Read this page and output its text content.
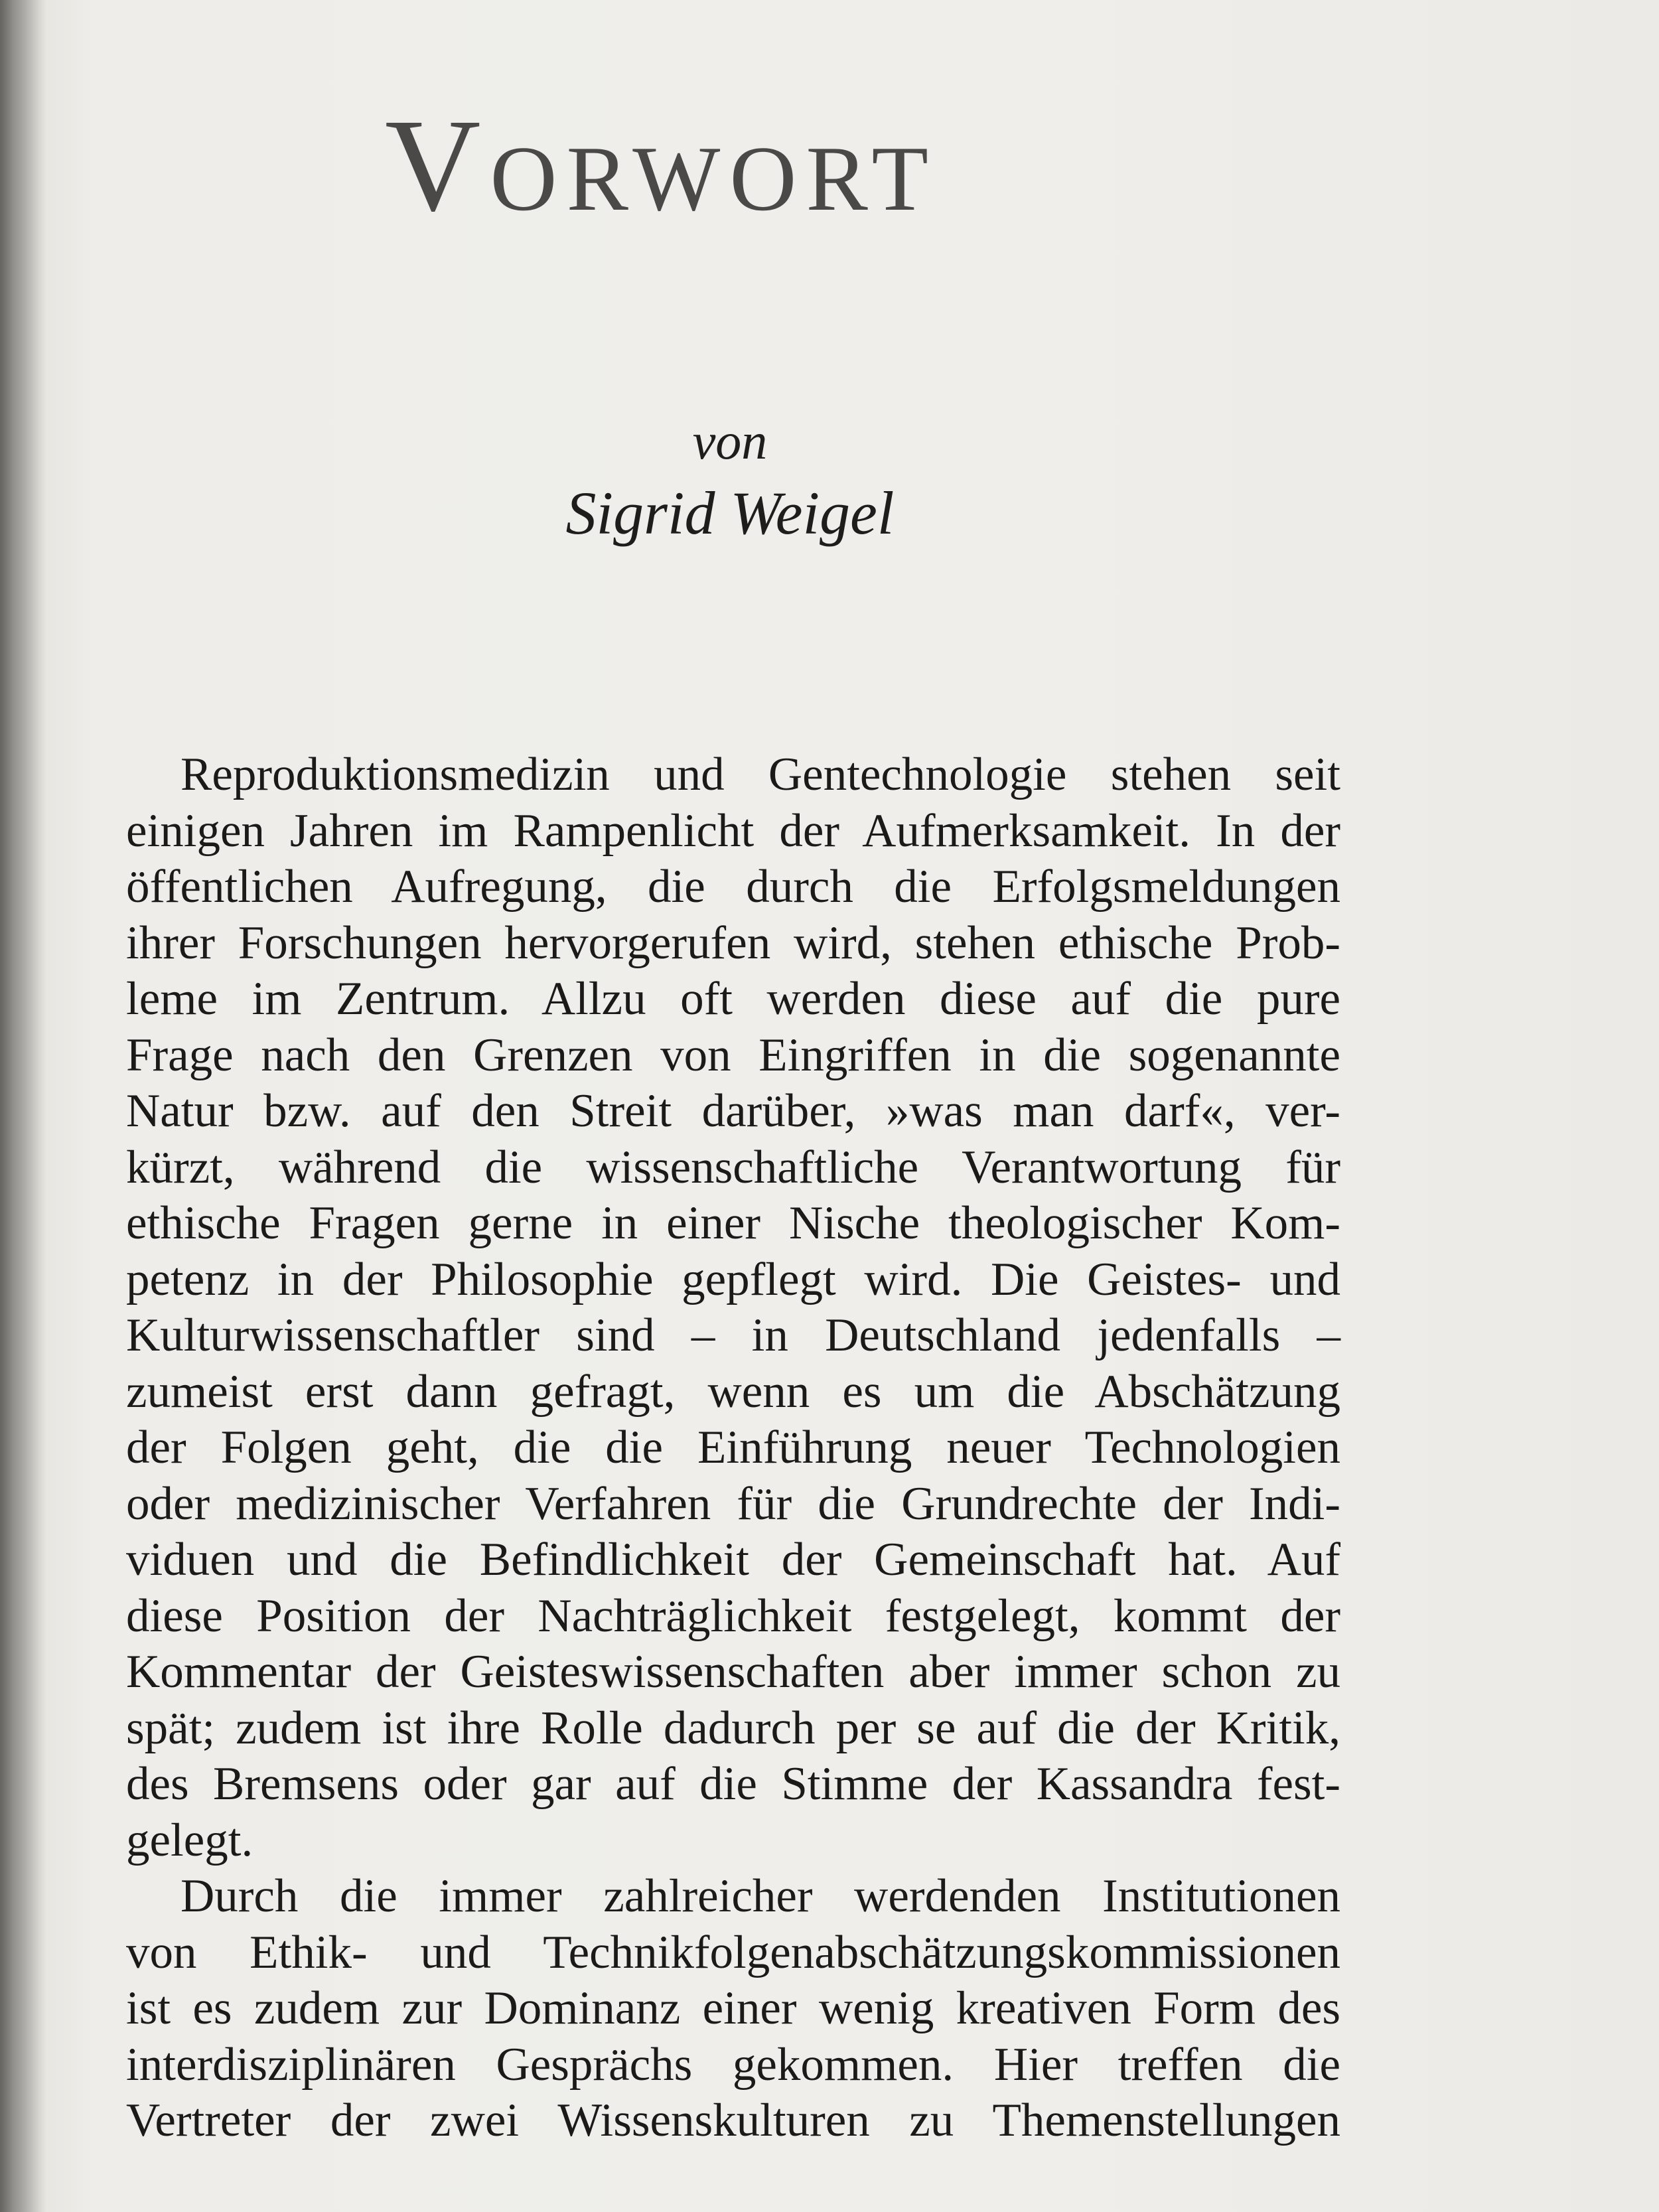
Vorwort
von
Sigrid Weigel

Reproduktionsmedizin und Gentechnologie stehen seit
einigen Jahren im Rampenlicht der Aufmerksamkeit. In der
öffentlichen Aufregung, die durch die Erfolgsmeldungen
ihrer Forschungen hervorgerufen wird, stehen ethische Prob-
leme im Zentrum. Allzu oft werden diese auf die pure
Frage nach den Grenzen von Eingriffen in die sogenannte
Natur bzw. auf den Streit darüber, »was man darf«, ver-
kürzt, während die wissenschaftliche Verantwortung für
ethische Fragen gerne in einer Nische theologischer Kom-
petenz in der Philosophie gepflegt wird. Die Geistes- und
Kulturwissenschaftler sind – in Deutschland jedenfalls –
zumeist erst dann gefragt, wenn es um die Abschätzung
der Folgen geht, die die Einführung neuer Technologien
oder medizinischer Verfahren für die Grundrechte der Indi-
viduen und die Befindlichkeit der Gemeinschaft hat. Auf
diese Position der Nachträglichkeit festgelegt, kommt der
Kommentar der Geisteswissenschaften aber immer schon zu
spät; zudem ist ihre Rolle dadurch per se auf die der Kritik,
des Bremsens oder gar auf die Stimme der Kassandra fest-
gelegt.

Durch die immer zahlreicher werdenden Institutionen
von Ethik- und Technikfolgenabschätzungskommissionen
ist es zudem zur Dominanz einer wenig kreativen Form des
interdisziplinären Gesprächs gekommen. Hier treffen die
Vertreter der zwei Wissenskulturen zu Themenstellungen
